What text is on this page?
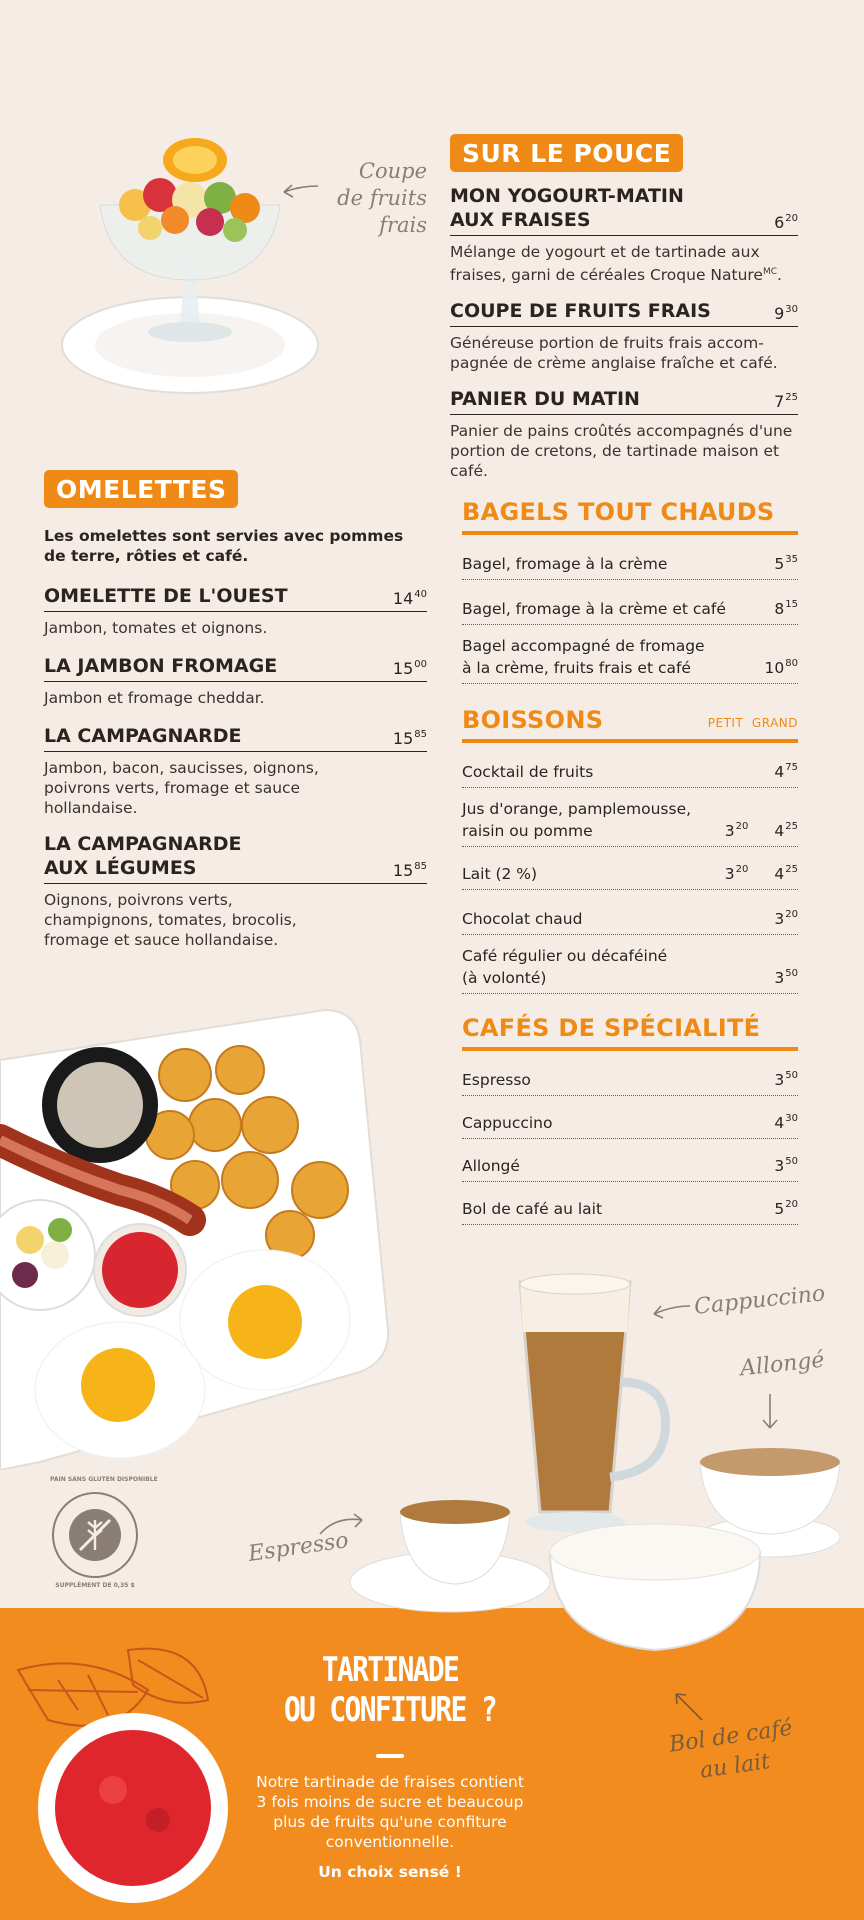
Coupe
de fruits
frais
SUR LE POUCE
MON YOGOURT-MATIN
AUX FRAISES	$6^{20}$
Mélange de yogourt et de tartinade aux fraises, garni de céréales Croque Nature$^{MC}$.
COUPE DE FRUITS FRAIS	$9^{30}$
Généreuse portion de fruits frais accom-pagnée de crème anglaise fraîche et café.
PANIER DU MATIN	$7^{25}$
Panier de pains croûtés accompagnés d'une portion de cretons, de tartinade maison et café.
BAGELS TOUT CHAUDS
Bagel, fromage à la crème	$5^{35}$
Bagel, fromage à la crème et café	$8^{15}$
Bagel accompagné de fromage
à la crème, fruits frais et café	$10^{80}$
BOISSONS	PETIT GRAND
Cocktail de fruits	$4^{75}$
Jus d'orange, pamplemousse,
raisin ou pomme	$3^{20}$ $4^{25}$
Lait (2 %)	$3^{20}$ $4^{25}$
Chocolat chaud	$3^{20}$
Café régulier ou décaféiné
(à volonté)	$3^{50}$
CAFÉS DE SPÉCIALITÉ
Espresso	$3^{50}$
Cappuccino	$4^{30}$
Allongé	$3^{50}$
Bol de café au lait	$5^{20}$
OMELETTES
Les omelettes sont servies avec pommes de terre, rôties et café.
OMELETTE DE L'OUEST	$14^{40}$
Jambon, tomates et oignons.
LA JAMBON FROMAGE	$15^{00}$
Jambon et fromage cheddar.
LA CAMPAGNARDE	$15^{85}$
Jambon, bacon, saucisses, oignons, poivrons verts, fromage et sauce hollandaise.
LA CAMPAGNARDE
AUX LÉGUMES	$15^{85}$
Oignons, poivrons verts, champignons, tomates, brocolis, fromage et sauce hollandaise.
PAIN SANS GLUTEN DISPONIBLE
SUPPLÉMENT DE 0,35 $
Espresso
Cappuccino
Allongé
Bol de café
au lait
TARTINADE
OU CONFITURE ?
Notre tartinade de fraises contient 3 fois moins de sucre et beaucoup plus de fruits qu'une confiture conventionnelle.
Un choix sensé !
